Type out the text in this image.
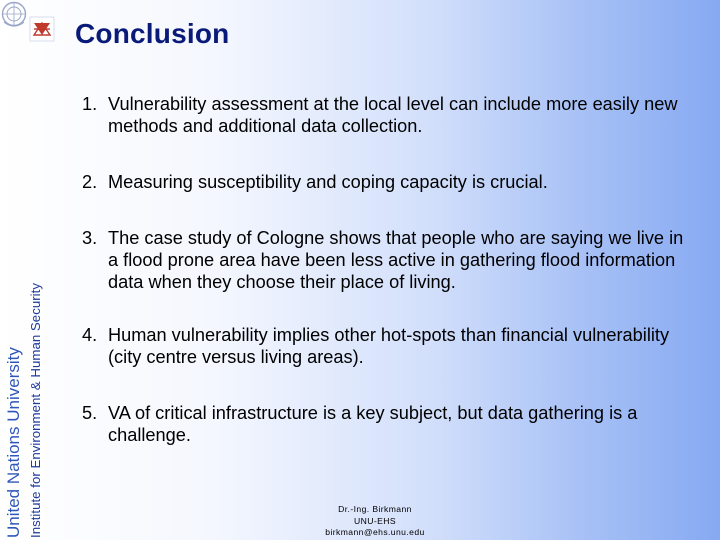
Conclusion
United Nations University Institute for Environment & Human Security
1. Vulnerability assessment at the local level can include more easily new methods and additional data collection.
2. Measuring susceptibility and coping capacity is crucial.
3. The case study of Cologne shows that people who are saying we live in a flood prone area have been less active in gathering flood information data when they choose their place of living.
4. Human vulnerability implies other hot-spots than financial vulnerability (city centre versus living areas).
5. VA of critical infrastructure is a key subject, but data gathering is a challenge.
Dr.-Ing. Birkmann
UNU-EHS
birkmann@ehs.unu.edu
